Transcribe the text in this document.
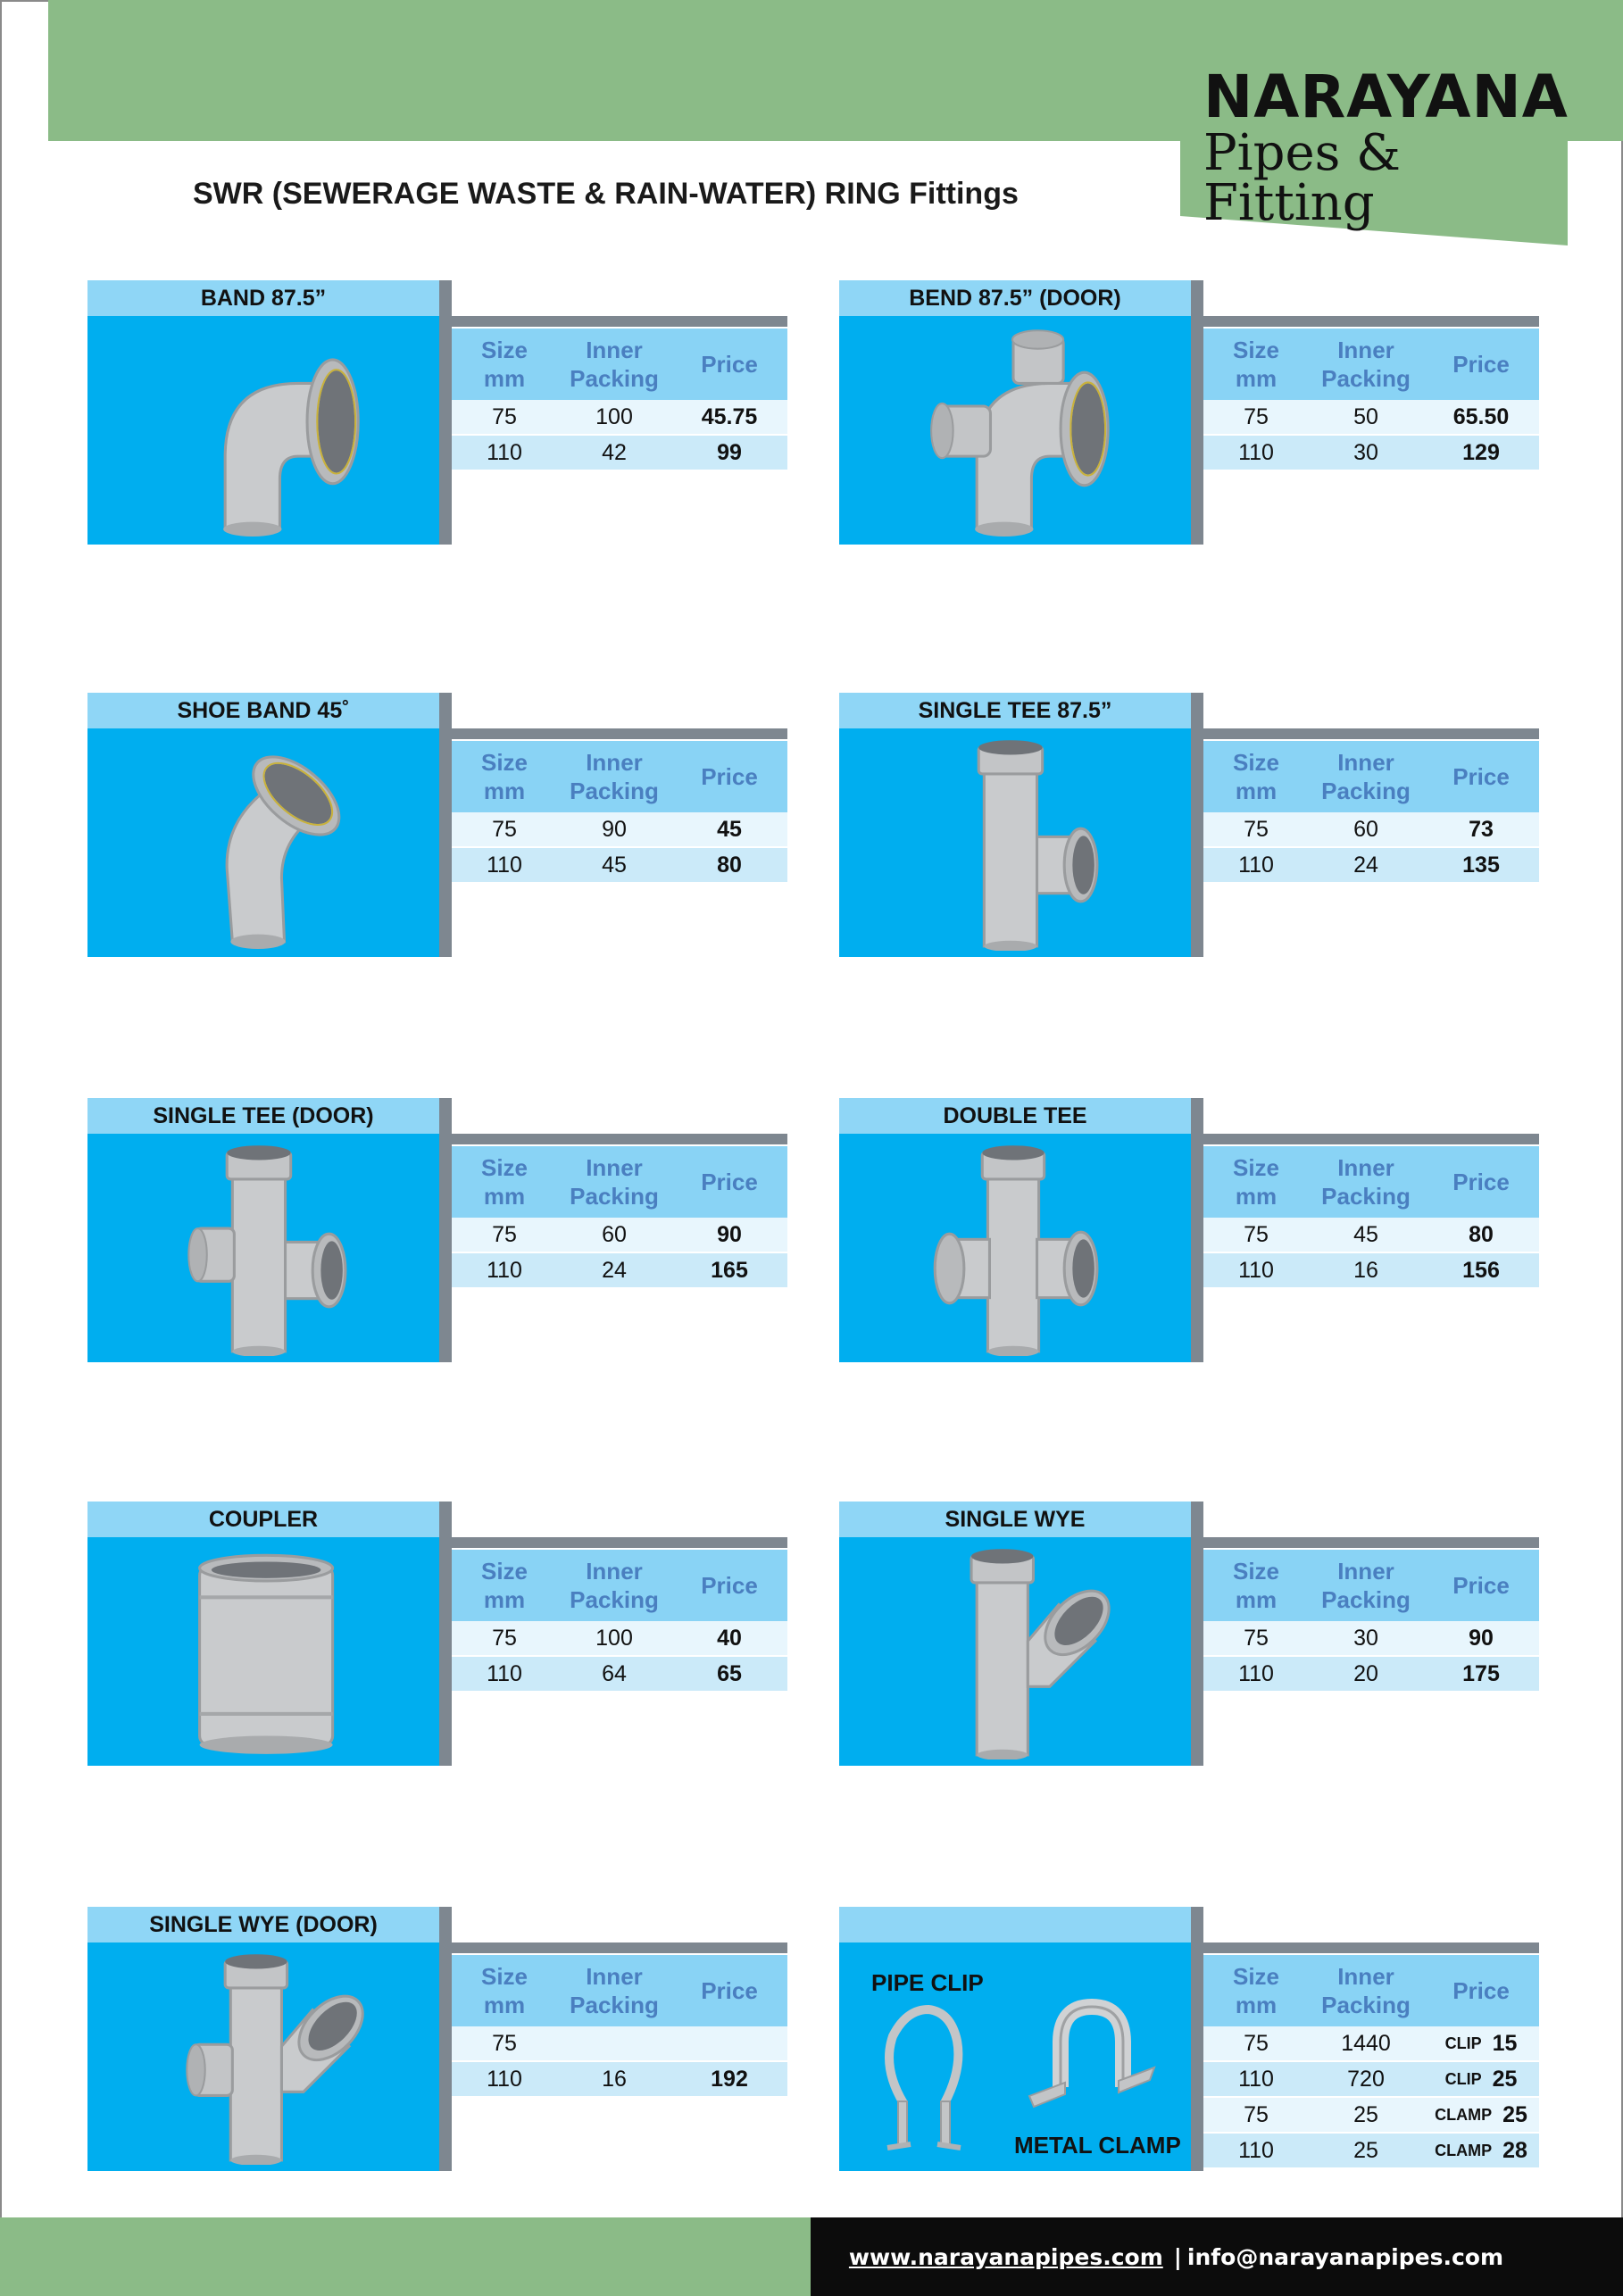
NARAYANA
Pipes & Fitting
SWR (SEWERAGE WASTE & RAIN-WATER) RING Fittings
BAND 87.5”
Size
mm
Inner
Packing
Price
75	100	45.75
110	42	99
BEND 87.5” (DOOR)
Size
mm
Inner
Packing
Price
75	50	65.50
110	30	129
SHOE BAND 45˚
Size
mm
Inner
Packing
Price
75	90	45
110	45	80
SINGLE TEE 87.5”
Size
mm
Inner
Packing
Price
75	60	73
110	24	135
SINGLE TEE (DOOR)
Size
mm
Inner
Packing
Price
75	60	90
110	24	165
DOUBLE TEE
Size
mm
Inner
Packing
Price
75	45	80
110	16	156
COUPLER
Size
mm
Inner
Packing
Price
75	100	40
110	64	65
SINGLE WYE
Size
mm
Inner
Packing
Price
75	30	90
110	20	175
SINGLE WYE (DOOR)
Size
mm
Inner
Packing
Price
75
110	16	192
PIPE CLIP
METAL CLAMP
Size
mm
Inner
Packing
Price
75	1440	CLIP 15
110	720	CLIP 25
75	25	CLAMP 25
110	25	CLAMP 28
www.narayanapipes.com | info@narayanapipes.com
